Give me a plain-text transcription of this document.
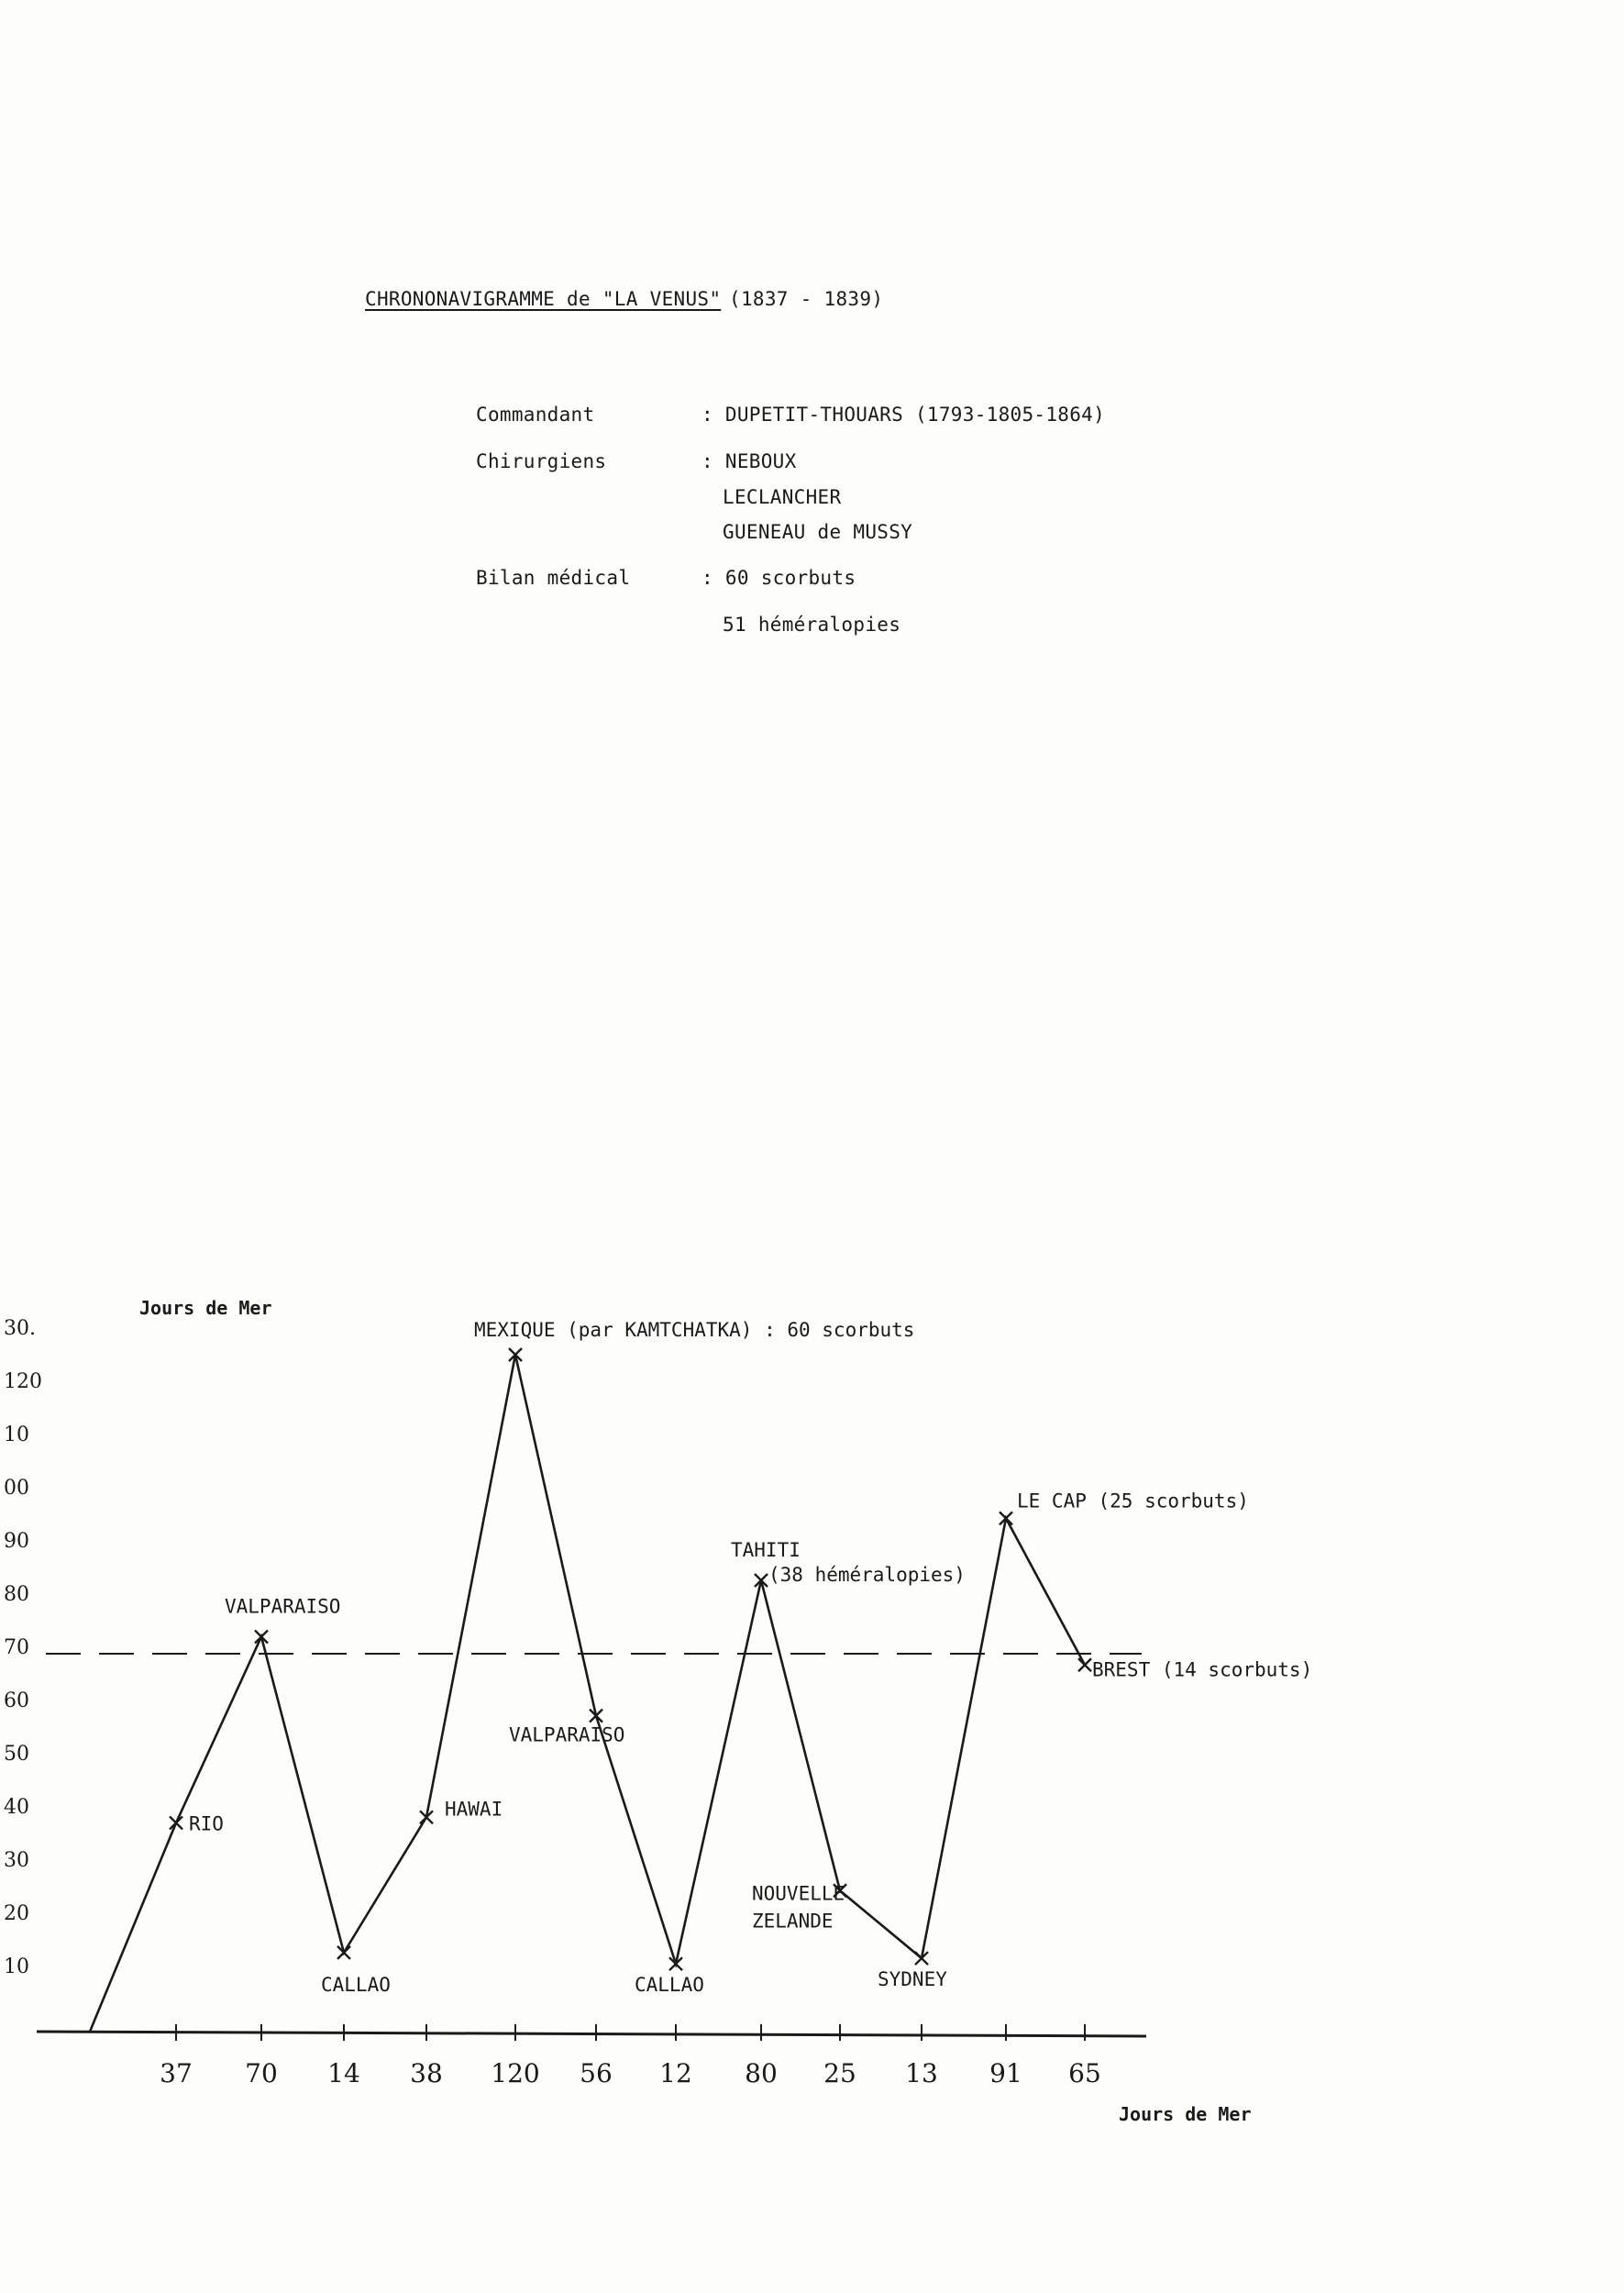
CHRONONAVIGRAMME de "LA VENUS" (1837 - 1839)
Commandant	: DUPETIT-THOUARS (1793-1805-1864)
Chirurgiens	: NEBOUX
LECLANCHER
GUENEAU de MUSSY
Bilan médical	: 60 scorbuts
51 héméralopies
RIO
VALPARAISO
CALLAO
HAWAI
MEXIQUE (par KAMTCHATKA) : 60 scorbuts
VALPARAISO
CALLAO
TAHITI
NOUVELLE
SYDNEY
LE CAP (25 scorbuts)
BREST (14 scorbuts)
(38 héméralopies)
ZELANDE
37 70 14 38 120 56 12 80 25 13 91 65
30.
120
10
00
90
80
70
60
50
40
30
20
10
Jours de Mer
Jours de Mer
